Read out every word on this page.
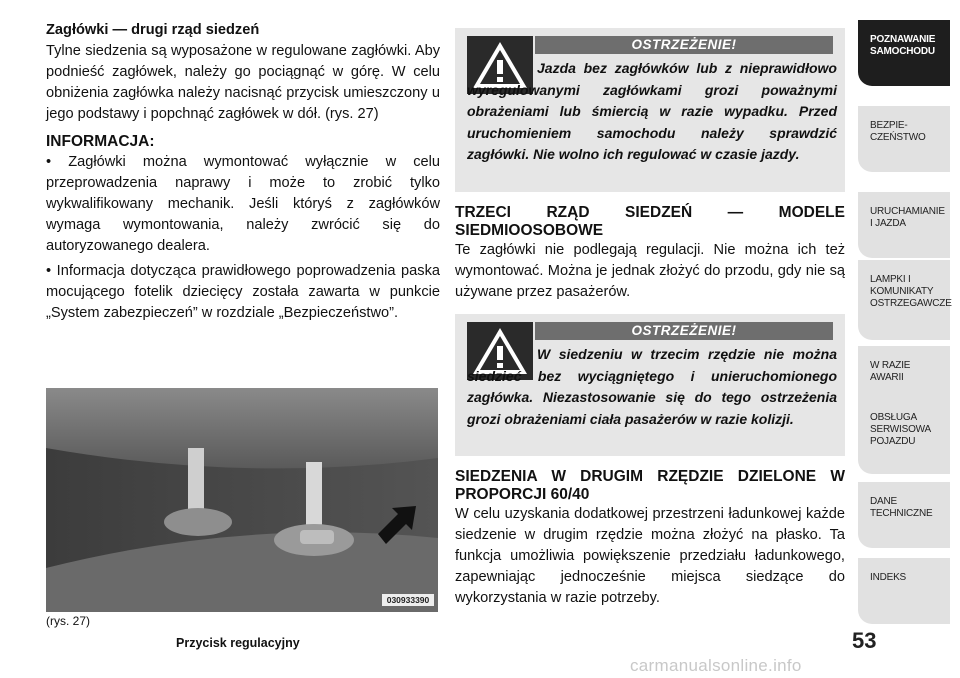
Zagłówki — drugi rząd siedzeń

Tylne siedzenia są wyposażone w regulowane zagłówki. Aby podnieść zagłówek, należy go pociągnąć w górę. W celu obniżenia zagłówka należy nacisnąć przycisk umieszczony u jego podstawy i popchnąć zagłówek w dół. (rys. 27)

INFORMACJA:

• Zagłówki można wymontować wyłącznie w celu przeprowadzenia naprawy i może to zrobić tylko wykwalifikowany mechanik. Jeśli któryś z zagłówków wymaga wymontowania, należy zwrócić się do autoryzowanego dealera.

• Informacja dotycząca prawidłowego poprowadzenia paska mocującego fotelik dziecięcy została zawarta w punkcie „System zabezpieczeń” w rozdziale „Bezpieczeństwo”.

030933390
(rys. 27)
Przycisk regulacyjny
OSTRZEŻENIE!
Jazda bez zagłówków lub z nieprawidłowo wyregulowanymi zagłówkami grozi poważnymi obrażeniami lub śmiercią w razie wypadku. Przed uruchomieniem samochodu należy sprawdzić zagłówki. Nie wolno ich regulować w czasie jazdy.

TRZECI RZĄD SIEDZEŃ — MODELE SIEDMIOOSOBOWE

Te zagłówki nie podlegają regulacji. Nie można ich też wymontować. Można je jednak złożyć do przodu, gdy nie są używane przez pasażerów.

OSTRZEŻENIE!
W siedzeniu w trzecim rzędzie nie można siedzieć bez wyciągniętego i unieruchomionego zagłówka. Niezastosowanie się do tego ostrzeżenia grozi obrażeniami ciała pasażerów w razie kolizji.

SIEDZENIA W DRUGIM RZĘDZIE DZIELONE W PROPORCJI 60/40

W celu uzyskania dodatkowej przestrzeni ładunkowej każde siedzenie w drugim rzędzie można złożyć na płasko. Ta funkcja umożliwia powiększenie przedziału ładunkowego, zapewniając jednocześnie miejsca siedzące do wykorzystania w razie potrzeby.

POZNAWANIE
SAMOCHODU
BEZPIE-
CZEŃSTWO
URUCHAMIANIE
I JAZDA
LAMPKI I
KOMUNIKATY
OSTRZEGAWCZE
W RAZIE
AWARII
OBSŁUGA
SERWISOWA
POJAZDU
DANE
TECHNICZNE
INDEKS
53
carmanualsonline.info
